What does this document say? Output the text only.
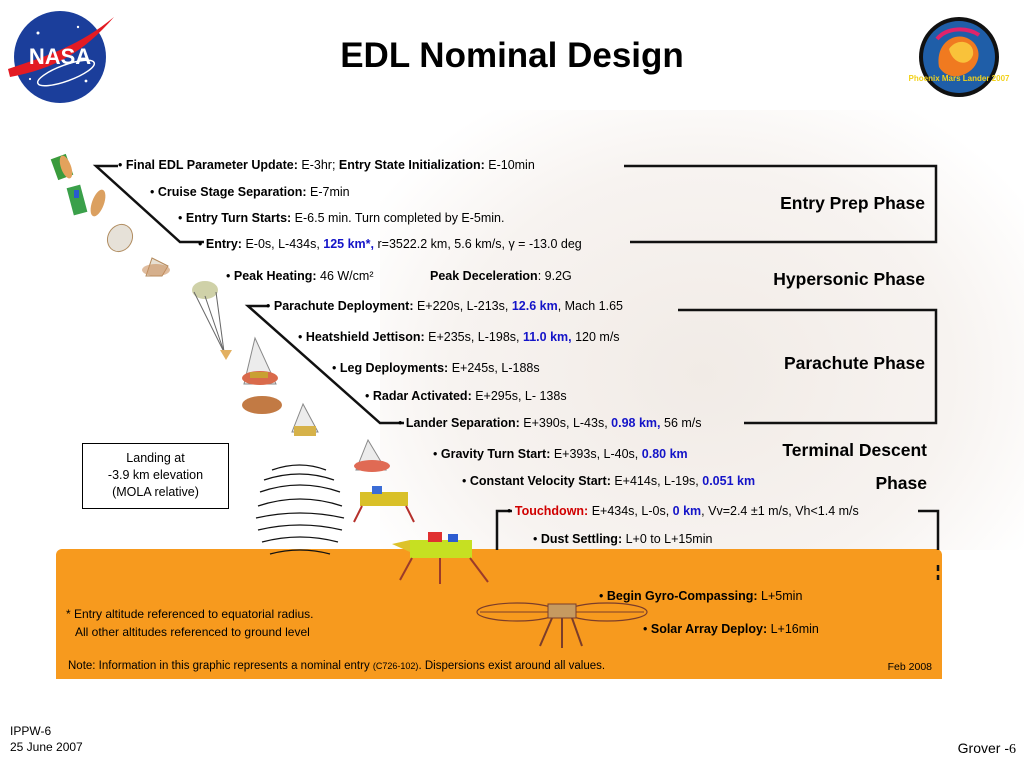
NASA
Phoenix Mars Lander 2007
EDL Nominal Design
• Final EDL Parameter Update: E-3hr; Entry State Initialization: E-10min
• Cruise Stage Separation: E-7min
• Entry Turn Starts: E-6.5 min. Turn completed by E-5min.
• Entry: E-0s, L-434s, 125 km*, r=3522.2 km, 5.6 km/s, γ = -13.0 deg
• Peak Heating: 46 W/cm²	Peak Deceleration: 9.2G
• Parachute Deployment: E+220s, L-213s, 12.6 km, Mach 1.65
• Heatshield Jettison: E+235s, L-198s, 11.0 km, 120 m/s
• Leg Deployments: E+245s, L-188s
• Radar Activated: E+295s, L- 138s
• Lander Separation: E+390s, L-43s, 0.98 km, 56 m/s
• Gravity Turn Start: E+393s, L-40s, 0.80 km
• Constant Velocity Start: E+414s, L-19s, 0.051 km
• Touchdown: E+434s, L-0s, 0 km, Vv=2.4 ±1 m/s, Vh<1.4 m/s
• Dust Settling: L+0 to L+15min
• Begin Gyro-Compassing: L+5min
• Solar Array Deploy: L+16min
Entry Prep Phase
Hypersonic Phase
Parachute Phase
Terminal Descent
Phase
Landing at
-3.9 km elevation
(MOLA relative)
* Entry altitude referenced to equatorial radius.
All other altitudes referenced to ground level
Note: Information in this graphic represents a nominal entry (C726-102). Dispersions exist around all values.	Feb 2008
IPPW-6
25 June 2007	Grover -6
